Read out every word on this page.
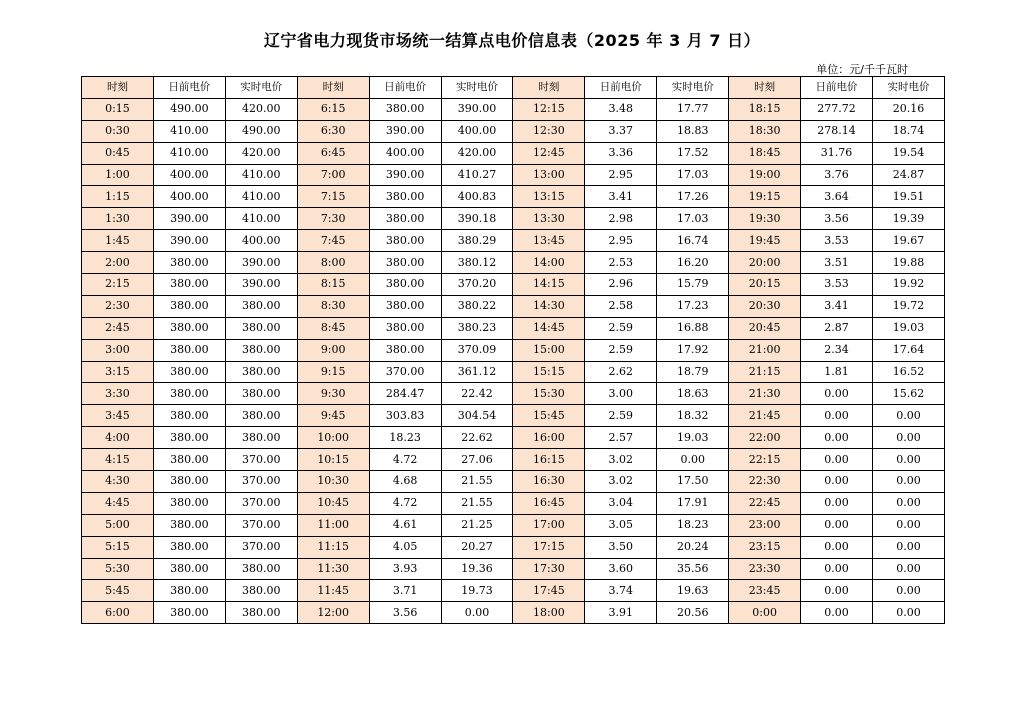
辽宁省电力现货市场统一结算点电价信息表（2025 年 3 月 7 日）
单位：元/千千瓦时
时刻	日前电价	实时电价	时刻	日前电价	实时电价	时刻	日前电价	实时电价	时刻	日前电价	实时电价
0:15	490.00	420.00	6:15	380.00	390.00	12:15	3.48	17.77	18:15	277.72	20.16
0:30	410.00	490.00	6:30	390.00	400.00	12:30	3.37	18.83	18:30	278.14	18.74
0:45	410.00	420.00	6:45	400.00	420.00	12:45	3.36	17.52	18:45	31.76	19.54
1:00	400.00	410.00	7:00	390.00	410.27	13:00	2.95	17.03	19:00	3.76	24.87
1:15	400.00	410.00	7:15	380.00	400.83	13:15	3.41	17.26	19:15	3.64	19.51
1:30	390.00	410.00	7:30	380.00	390.18	13:30	2.98	17.03	19:30	3.56	19.39
1:45	390.00	400.00	7:45	380.00	380.29	13:45	2.95	16.74	19:45	3.53	19.67
2:00	380.00	390.00	8:00	380.00	380.12	14:00	2.53	16.20	20:00	3.51	19.88
2:15	380.00	390.00	8:15	380.00	370.20	14:15	2.96	15.79	20:15	3.53	19.92
2:30	380.00	380.00	8:30	380.00	380.22	14:30	2.58	17.23	20:30	3.41	19.72
2:45	380.00	380.00	8:45	380.00	380.23	14:45	2.59	16.88	20:45	2.87	19.03
3:00	380.00	380.00	9:00	380.00	370.09	15:00	2.59	17.92	21:00	2.34	17.64
3:15	380.00	380.00	9:15	370.00	361.12	15:15	2.62	18.79	21:15	1.81	16.52
3:30	380.00	380.00	9:30	284.47	22.42	15:30	3.00	18.63	21:30	0.00	15.62
3:45	380.00	380.00	9:45	303.83	304.54	15:45	2.59	18.32	21:45	0.00	0.00
4:00	380.00	380.00	10:00	18.23	22.62	16:00	2.57	19.03	22:00	0.00	0.00
4:15	380.00	370.00	10:15	4.72	27.06	16:15	3.02	0.00	22:15	0.00	0.00
4:30	380.00	370.00	10:30	4.68	21.55	16:30	3.02	17.50	22:30	0.00	0.00
4:45	380.00	370.00	10:45	4.72	21.55	16:45	3.04	17.91	22:45	0.00	0.00
5:00	380.00	370.00	11:00	4.61	21.25	17:00	3.05	18.23	23:00	0.00	0.00
5:15	380.00	370.00	11:15	4.05	20.27	17:15	3.50	20.24	23:15	0.00	0.00
5:30	380.00	380.00	11:30	3.93	19.36	17:30	3.60	35.56	23:30	0.00	0.00
5:45	380.00	380.00	11:45	3.71	19.73	17:45	3.74	19.63	23:45	0.00	0.00
6:00	380.00	380.00	12:00	3.56	0.00	18:00	3.91	20.56	0:00	0.00	0.00
